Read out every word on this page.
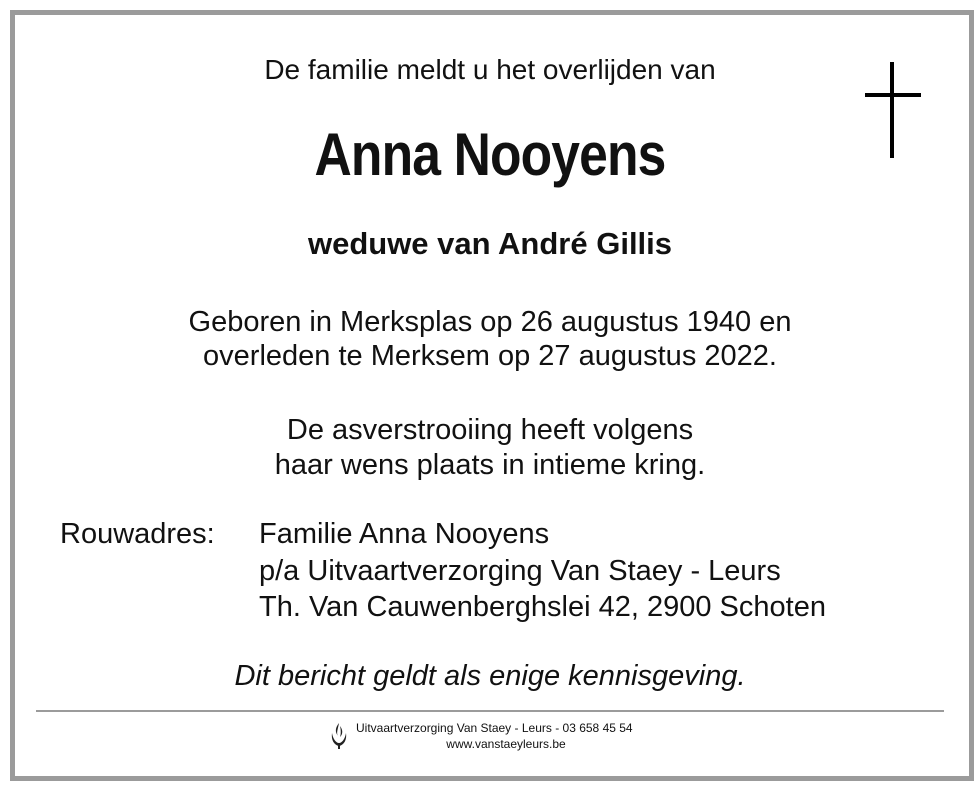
De familie meldt u het overlijden van
Anna Nooyens
weduwe van André Gillis
Geboren in Merksplas op 26 augustus 1940 en
overleden te Merksem op 27 augustus 2022.
De asverstrooiing heeft volgens
haar wens plaats in intieme kring.
Rouwadres: Familie Anna Nooyens
p/a Uitvaartverzorging Van Staey - Leurs
Th. Van Cauwenberghslei 42, 2900 Schoten
Dit bericht geldt als enige kennisgeving.
Uitvaartverzorging Van Staey - Leurs - 03 658 45 54
www.vanstaeyleurs.be
